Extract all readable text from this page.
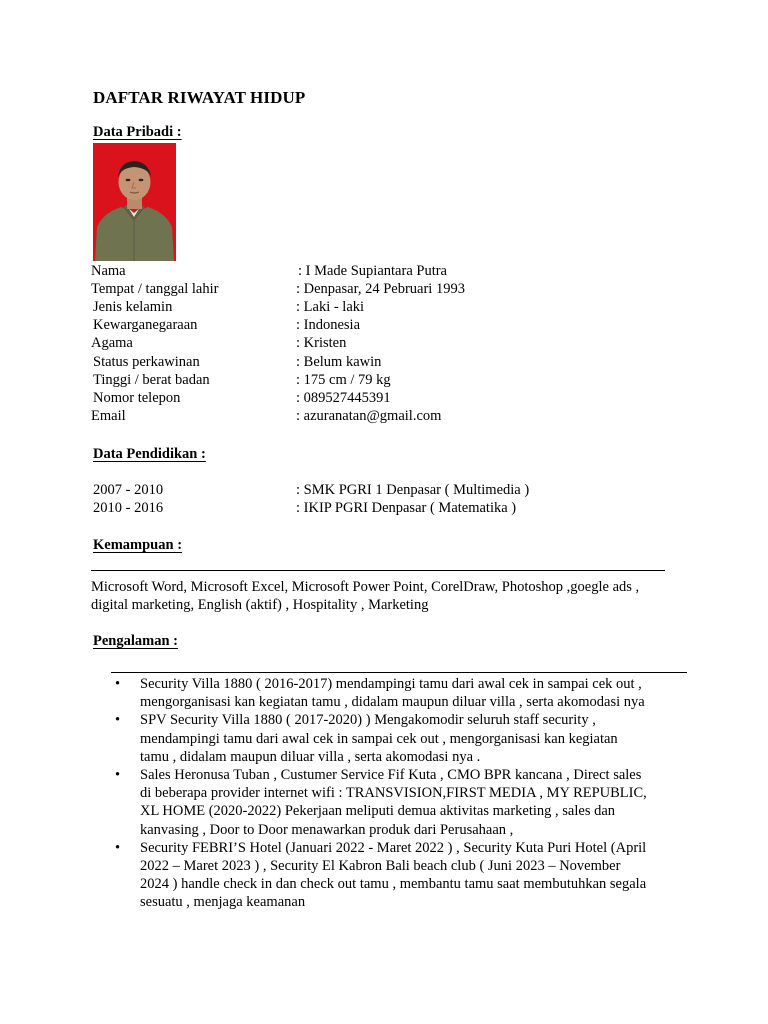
DAFTAR RIWAYAT HIDUP
Data Pribadi :
Nama	: I Made Supiantara Putra
Tempat / tanggal lahir	: Denpasar, 24 Pebruari 1993
Jenis kelamin	: Laki - laki
Kewarganegaraan	: Indonesia
Agama	: Kristen
Status perkawinan	: Belum kawin
Tinggi / berat badan	: 175 cm / 79 kg
Nomor telepon	: 089527445391
Email	: azuranatan@gmail.com
Data Pendidikan :
2007 - 2010	: SMK PGRI 1 Denpasar ( Multimedia )
2010 - 2016	: IKIP PGRI Denpasar ( Matematika )
Kemampuan :
Microsoft Word, Microsoft Excel, Microsoft Power Point, CorelDraw, Photoshop ,goegle ads ,
digital marketing, English (aktif) , Hospitality , Marketing
Pengalaman :
• Security Villa 1880 ( 2016-2017) mendampingi tamu dari awal cek in sampai cek out ,
mengorganisasi kan kegiatan tamu , didalam maupun diluar villa , serta akomodasi nya
• SPV Security Villa 1880 ( 2017-2020) ) Mengakomodir seluruh staff security ,
mendampingi tamu dari awal cek in sampai cek out , mengorganisasi kan kegiatan
tamu , didalam maupun diluar villa , serta akomodasi nya .
• Sales Heronusa Tuban , Custumer Service Fif Kuta , CMO BPR kancana , Direct sales
di beberapa provider internet wifi : TRANSVISION,FIRST MEDIA , MY REPUBLIC,
XL HOME (2020-2022) Pekerjaan meliputi demua aktivitas marketing , sales dan
kanvasing , Door to Door menawarkan produk dari Perusahaan ,
• Security FEBRI’S Hotel (Januari 2022 - Maret 2022 ) , Security Kuta Puri Hotel (April
2022 – Maret 2023 ) , Security El Kabron Bali beach club ( Juni 2023 – November
2024 ) handle check in dan check out tamu , membantu tamu saat membutuhkan segala
sesuatu , menjaga keamanan
